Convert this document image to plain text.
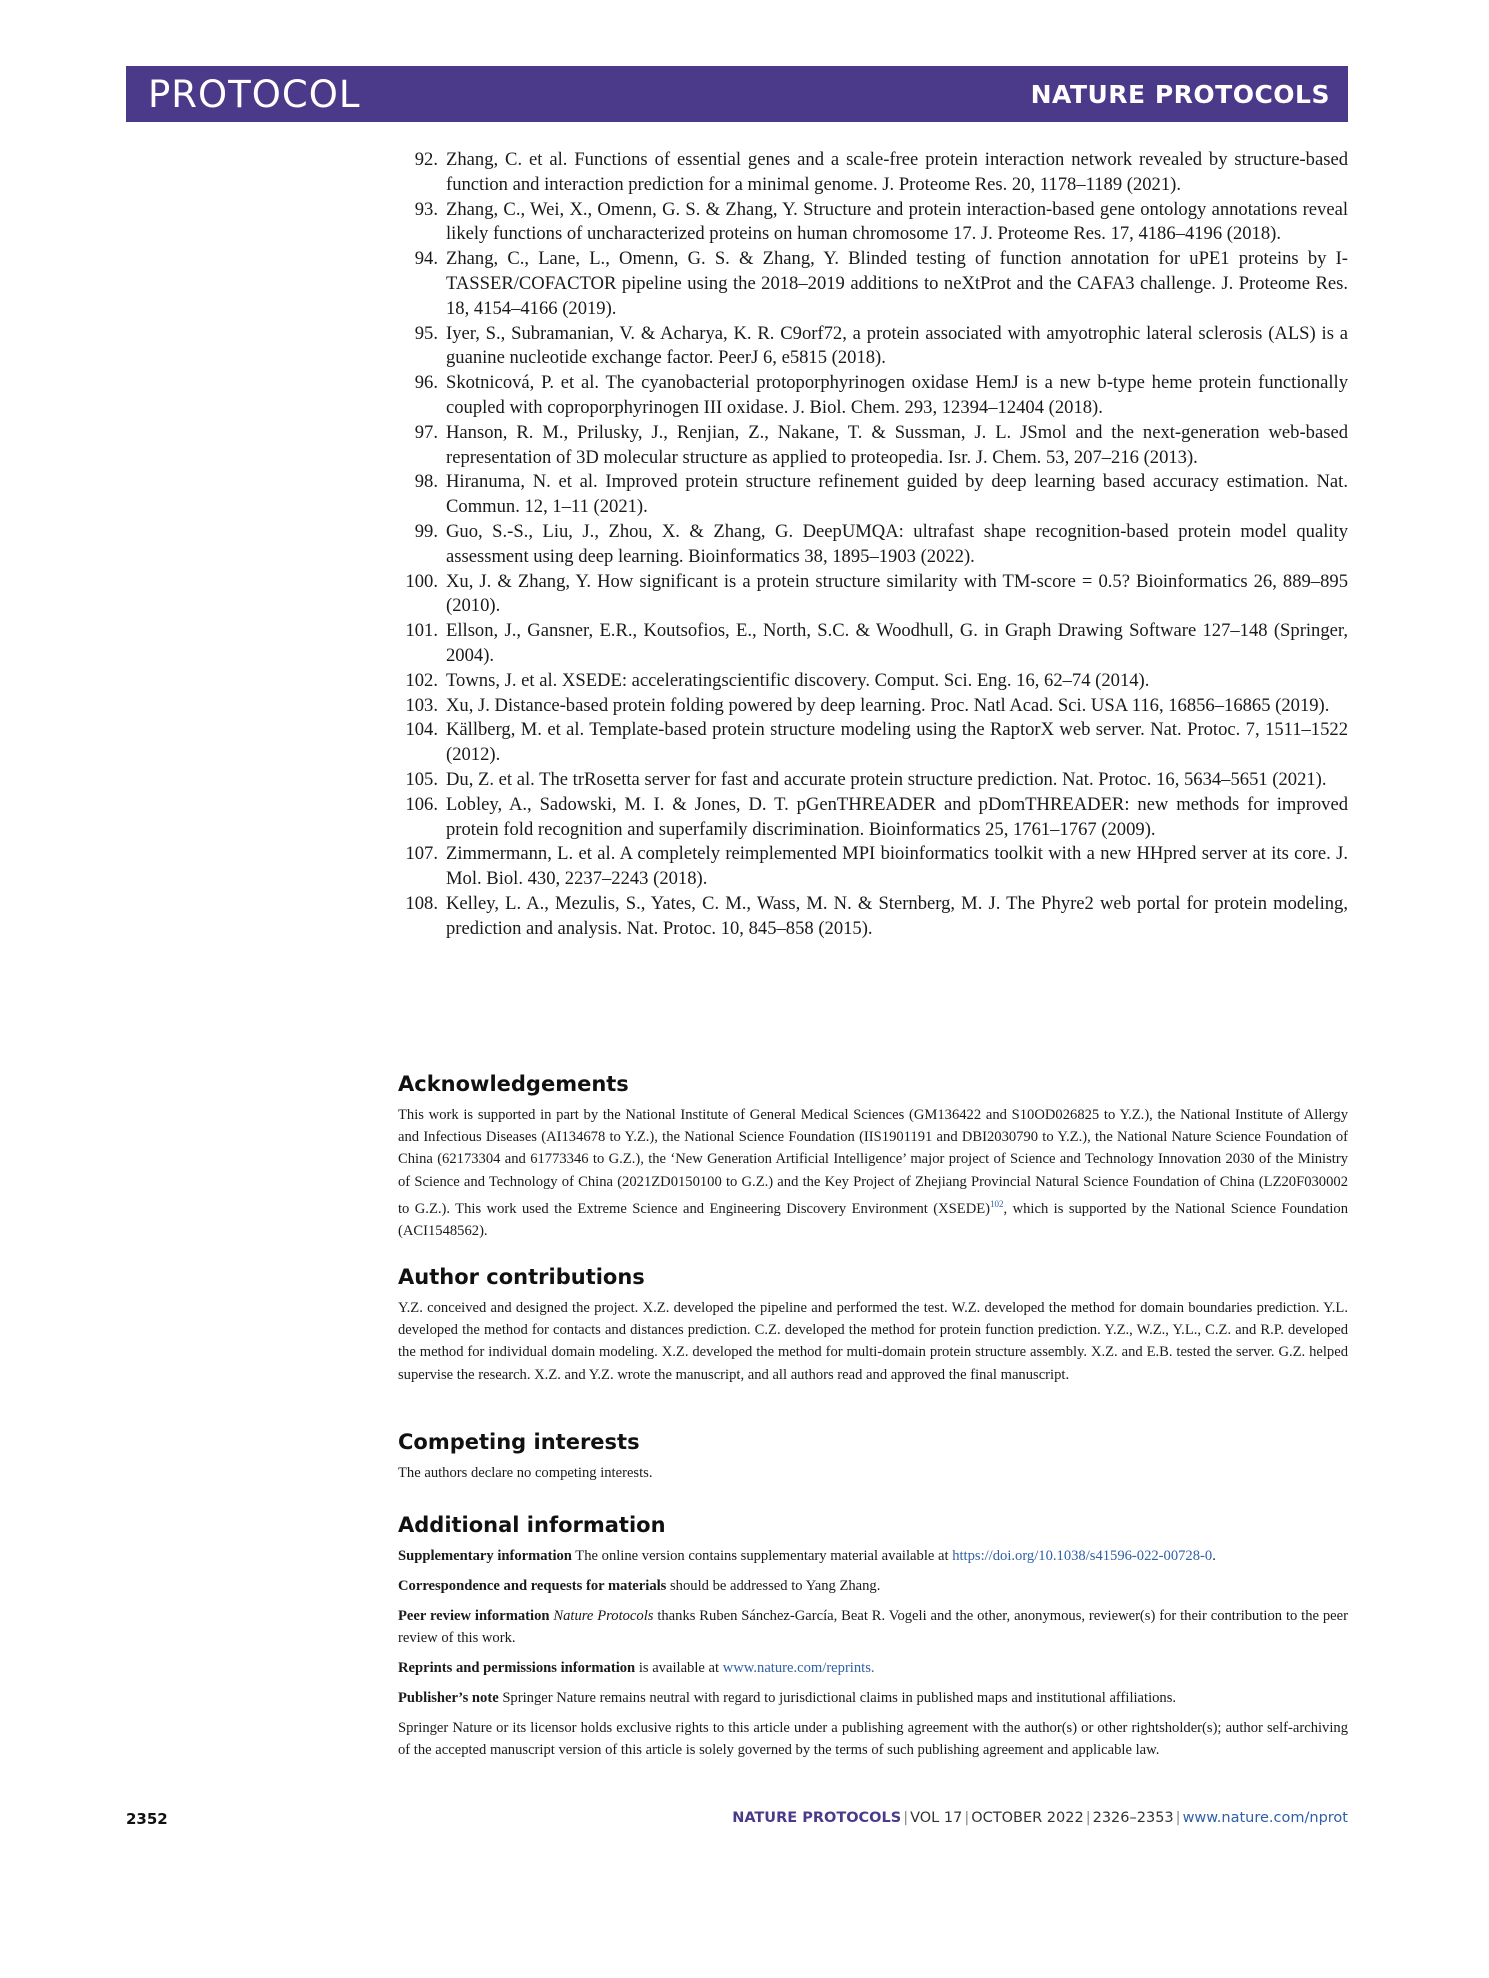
PROTOCOL	NATURE PROTOCOLS
92. Zhang, C. et al. Functions of essential genes and a scale-free protein interaction network revealed by structure-based function and interaction prediction for a minimal genome. J. Proteome Res. 20, 1178–1189 (2021).
93. Zhang, C., Wei, X., Omenn, G. S. & Zhang, Y. Structure and protein interaction-based gene ontology annotations reveal likely functions of uncharacterized proteins on human chromosome 17. J. Proteome Res. 17, 4186–4196 (2018).
94. Zhang, C., Lane, L., Omenn, G. S. & Zhang, Y. Blinded testing of function annotation for uPE1 proteins by I-TASSER/COFACTOR pipeline using the 2018–2019 additions to neXtProt and the CAFA3 challenge. J. Proteome Res. 18, 4154–4166 (2019).
95. Iyer, S., Subramanian, V. & Acharya, K. R. C9orf72, a protein associated with amyotrophic lateral sclerosis (ALS) is a guanine nucleotide exchange factor. PeerJ 6, e5815 (2018).
96. Skotnicová, P. et al. The cyanobacterial protoporphyrinogen oxidase HemJ is a new b-type heme protein functionally coupled with coproporphyrinogen III oxidase. J. Biol. Chem. 293, 12394–12404 (2018).
97. Hanson, R. M., Prilusky, J., Renjian, Z., Nakane, T. & Sussman, J. L. JSmol and the next-generation web-based representation of 3D molecular structure as applied to proteopedia. Isr. J. Chem. 53, 207–216 (2013).
98. Hiranuma, N. et al. Improved protein structure refinement guided by deep learning based accuracy estimation. Nat. Commun. 12, 1–11 (2021).
99. Guo, S.-S., Liu, J., Zhou, X. & Zhang, G. DeepUMQA: ultrafast shape recognition-based protein model quality assessment using deep learning. Bioinformatics 38, 1895–1903 (2022).
100. Xu, J. & Zhang, Y. How significant is a protein structure similarity with TM-score = 0.5? Bioinformatics 26, 889–895 (2010).
101. Ellson, J., Gansner, E.R., Koutsofios, E., North, S.C. & Woodhull, G. in Graph Drawing Software 127–148 (Springer, 2004).
102. Towns, J. et al. XSEDE: acceleratingscientific discovery. Comput. Sci. Eng. 16, 62–74 (2014).
103. Xu, J. Distance-based protein folding powered by deep learning. Proc. Natl Acad. Sci. USA 116, 16856–16865 (2019).
104. Källberg, M. et al. Template-based protein structure modeling using the RaptorX web server. Nat. Protoc. 7, 1511–1522 (2012).
105. Du, Z. et al. The trRosetta server for fast and accurate protein structure prediction. Nat. Protoc. 16, 5634–5651 (2021).
106. Lobley, A., Sadowski, M. I. & Jones, D. T. pGenTHREADER and pDomTHREADER: new methods for improved protein fold recognition and superfamily discrimination. Bioinformatics 25, 1761–1767 (2009).
107. Zimmermann, L. et al. A completely reimplemented MPI bioinformatics toolkit with a new HHpred server at its core. J. Mol. Biol. 430, 2237–2243 (2018).
108. Kelley, L. A., Mezulis, S., Yates, C. M., Wass, M. N. & Sternberg, M. J. The Phyre2 web portal for protein modeling, prediction and analysis. Nat. Protoc. 10, 845–858 (2015).
Acknowledgements

This work is supported in part by the National Institute of General Medical Sciences (GM136422 and S10OD026825 to Y.Z.), the National Institute of Allergy and Infectious Diseases (AI134678 to Y.Z.), the National Science Foundation (IIS1901191 and DBI2030790 to Y.Z.), the National Nature Science Foundation of China (62173304 and 61773346 to G.Z.), the ‘New Generation Artificial Intelligence’ major project of Science and Technology Innovation 2030 of the Ministry of Science and Technology of China (2021ZD0150100 to G.Z.) and the Key Project of Zhejiang Provincial Natural Science Foundation of China (LZ20F030002 to G.Z.). This work used the Extreme Science and Engineering Discovery Environment (XSEDE)$^{102}$, which is supported by the National Science Foundation (ACI1548562).

Author contributions

Y.Z. conceived and designed the project. X.Z. developed the pipeline and performed the test. W.Z. developed the method for domain boundaries prediction. Y.L. developed the method for contacts and distances prediction. C.Z. developed the method for protein function prediction. Y.Z., W.Z., Y.L., C.Z. and R.P. developed the method for individual domain modeling. X.Z. developed the method for multi-domain protein structure assembly. X.Z. and E.B. tested the server. G.Z. helped supervise the research. X.Z. and Y.Z. wrote the manuscript, and all authors read and approved the final manuscript.

Competing interests

The authors declare no competing interests.

Additional information

Supplementary information The online version contains supplementary material available at https://doi.org/10.1038/s41596-022-00728-0.

Correspondence and requests for materials should be addressed to Yang Zhang.

Peer review information Nature Protocols thanks Ruben Sánchez-García, Beat R. Vogeli and the other, anonymous, reviewer(s) for their contribution to the peer review of this work.

Reprints and permissions information is available at www.nature.com/reprints.

Publisher’s note Springer Nature remains neutral with regard to jurisdictional claims in published maps and institutional affiliations.

Springer Nature or its licensor holds exclusive rights to this article under a publishing agreement with the author(s) or other rightsholder(s); author self-archiving of the accepted manuscript version of this article is solely governed by the terms of such publishing agreement and applicable law.

2352	NATURE PROTOCOLS | VOL 17 | OCTOBER 2022 | 2326–2353 | www.nature.com/nprot
